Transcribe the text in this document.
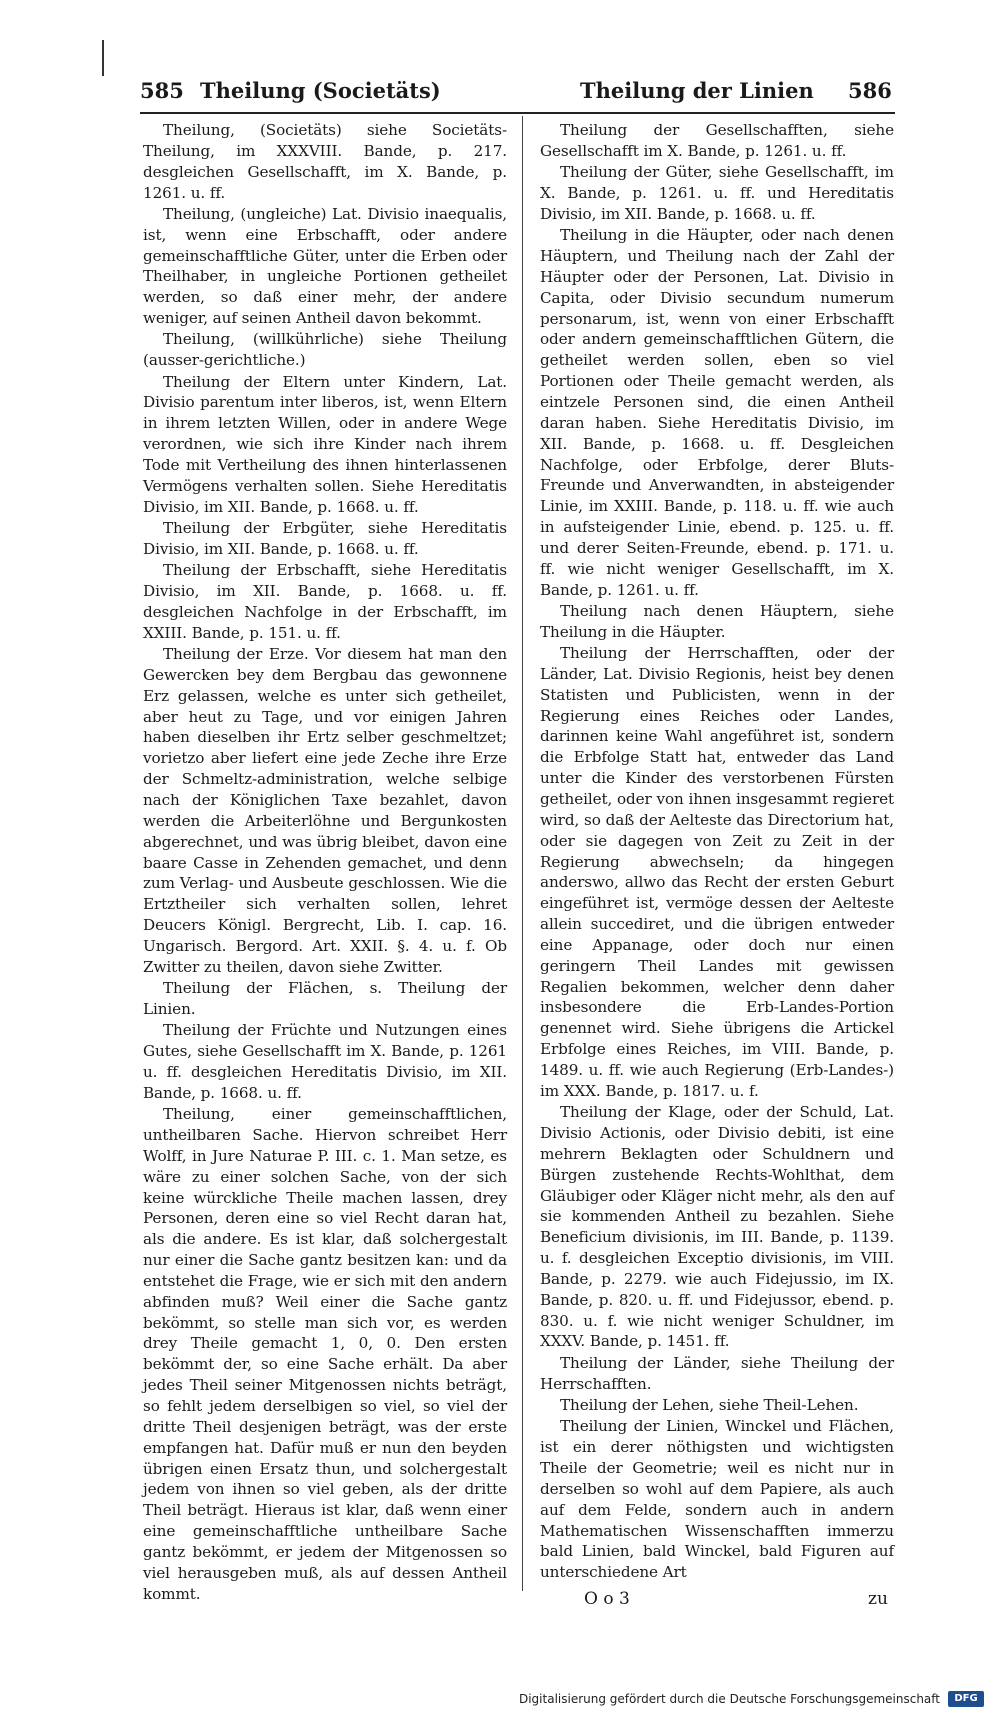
585 Theilung (Societäts)	Theilung der Linien 586

Theilung, (Societäts) siehe Societäts-Theilung, im XXXVIII. Bande, p. 217. desgleichen Gesellschafft, im X. Bande, p. 1261. u. ff.

Theilung, (ungleiche) Lat. Divisio inaequalis, ist, wenn eine Erbschafft, oder andere gemeinschafftliche Güter, unter die Erben oder Theilhaber, in ungleiche Portionen getheilet werden, so daß einer mehr, der andere weniger, auf seinen Antheil davon bekommt.

Theilung, (willkührliche) siehe Theilung (ausser-gerichtliche.)

Theilung der Eltern unter Kindern, Lat. Divisio parentum inter liberos, ist, wenn Eltern in ihrem letzten Willen, oder in andere Wege verordnen, wie sich ihre Kinder nach ihrem Tode mit Vertheilung des ihnen hinterlassenen Vermögens verhalten sollen. Siehe Hereditatis Divisio, im XII. Bande, p. 1668. u. ff.

Theilung der Erbgüter, siehe Hereditatis Divisio, im XII. Bande, p. 1668. u. ff.

Theilung der Erbschafft, siehe Hereditatis Divisio, im XII. Bande, p. 1668. u. ff. desgleichen Nachfolge in der Erbschafft, im XXIII. Bande, p. 151. u. ff.

Theilung der Erze. Vor diesem hat man den Gewercken bey dem Bergbau das gewonnene Erz gelassen, welche es unter sich getheilet, aber heut zu Tage, und vor einigen Jahren haben dieselben ihr Ertz selber geschmeltzet; vorietzo aber liefert eine jede Zeche ihre Erze der Schmeltz-administration, welche selbige nach der Königlichen Taxe bezahlet, davon werden die Arbeiterlöhne und Bergunkosten abgerechnet, und was übrig bleibet, davon eine baare Casse in Zehenden gemachet, und denn zum Verlag- und Ausbeute geschlossen. Wie die Ertztheiler sich verhalten sollen, lehret Deucers Königl. Bergrecht, Lib. I. cap. 16. Ungarisch. Bergord. Art. XXII. §. 4. u. f. Ob Zwitter zu theilen, davon siehe Zwitter.

Theilung der Flächen, s. Theilung der Linien.

Theilung der Früchte und Nutzungen eines Gutes, siehe Gesellschafft im X. Bande, p. 1261 u. ff. desgleichen Hereditatis Divisio, im XII. Bande, p. 1668. u. ff.

Theilung, einer gemeinschafftlichen, untheilbaren Sache. Hiervon schreibet Herr Wolff, in Jure Naturae P. III. c. 1. Man setze, es wäre zu einer solchen Sache, von der sich keine würckliche Theile machen lassen, drey Personen, deren eine so viel Recht daran hat, als die andere. Es ist klar, daß solchergestalt nur einer die Sache gantz besitzen kan: und da entstehet die Frage, wie er sich mit den andern abfinden muß? Weil einer die Sache gantz bekömmt, so stelle man sich vor, es werden drey Theile gemacht 1, 0, 0. Den ersten bekömmt der, so eine Sache erhält. Da aber jedes Theil seiner Mitgenossen nichts beträgt, so fehlt jedem derselbigen so viel, so viel der dritte Theil desjenigen beträgt, was der erste empfangen hat. Dafür muß er nun den beyden übrigen einen Ersatz thun, und solchergestalt jedem von ihnen so viel geben, als der dritte Theil beträgt. Hieraus ist klar, daß wenn einer eine gemeinschafftliche untheilbare Sache gantz bekömmt, er jedem der Mitgenossen so viel herausgeben muß, als auf dessen Antheil kommt.

Theilung der Gesellschafften, siehe Gesellschafft im X. Bande, p. 1261. u. ff.

Theilung der Güter, siehe Gesellschafft, im X. Bande, p. 1261. u. ff. und Hereditatis Divisio, im XII. Bande, p. 1668. u. ff.

Theilung in die Häupter, oder nach denen Häuptern, und Theilung nach der Zahl der Häupter oder der Personen, Lat. Divisio in Capita, oder Divisio secundum numerum personarum, ist, wenn von einer Erbschafft oder andern gemeinschafftlichen Gütern, die getheilet werden sollen, eben so viel Portionen oder Theile gemacht werden, als eintzele Personen sind, die einen Antheil daran haben. Siehe Hereditatis Divisio, im XII. Bande, p. 1668. u. ff. Desgleichen Nachfolge, oder Erbfolge, derer Bluts-Freunde und Anverwandten, in absteigender Linie, im XXIII. Bande, p. 118. u. ff. wie auch in aufsteigender Linie, ebend. p. 125. u. ff. und derer Seiten-Freunde, ebend. p. 171. u. ff. wie nicht weniger Gesellschafft, im X. Bande, p. 1261. u. ff.

Theilung nach denen Häuptern, siehe Theilung in die Häupter.

Theilung der Herrschafften, oder der Länder, Lat. Divisio Regionis, heist bey denen Statisten und Publicisten, wenn in der Regierung eines Reiches oder Landes, darinnen keine Wahl angeführet ist, sondern die Erbfolge Statt hat, entweder das Land unter die Kinder des verstorbenen Fürsten getheilet, oder von ihnen insgesammt regieret wird, so daß der Aelteste das Directorium hat, oder sie dagegen von Zeit zu Zeit in der Regierung abwechseln; da hingegen anderswo, allwo das Recht der ersten Geburt eingeführet ist, vermöge dessen der Aelteste allein succediret, und die übrigen entweder eine Appanage, oder doch nur einen geringern Theil Landes mit gewissen Regalien bekommen, welcher denn daher insbesondere die Erb-Landes-Portion genennet wird. Siehe übrigens die Artickel Erbfolge eines Reiches, im VIII. Bande, p. 1489. u. ff. wie auch Regierung (Erb-Landes-) im XXX. Bande, p. 1817. u. f.

Theilung der Klage, oder der Schuld, Lat. Divisio Actionis, oder Divisio debiti, ist eine mehrern Beklagten oder Schuldnern und Bürgen zustehende Rechts-Wohlthat, dem Gläubiger oder Kläger nicht mehr, als den auf sie kommenden Antheil zu bezahlen. Siehe Beneficium divisionis, im III. Bande, p. 1139. u. f. desgleichen Exceptio divisionis, im VIII. Bande, p. 2279. wie auch Fidejussio, im IX. Bande, p. 820. u. ff. und Fidejussor, ebend. p. 830. u. f. wie nicht weniger Schuldner, im XXXV. Bande, p. 1451. ff.

Theilung der Länder, siehe Theilung der Herrschafften.

Theilung der Lehen, siehe Theil-Lehen.

Theilung der Linien, Winckel und Flächen, ist ein derer nöthigsten und wichtigsten Theile der Geometrie; weil es nicht nur in derselben so wohl auf dem Papiere, als auch auf dem Felde, sondern auch in andern Mathematischen Wissenschafften immerzu bald Linien, bald Winckel, bald Figuren auf unterschiedene Art

O o 3	zu
Digitalisierung gefördert durch die Deutsche Forschungsgemeinschaft	DFG
